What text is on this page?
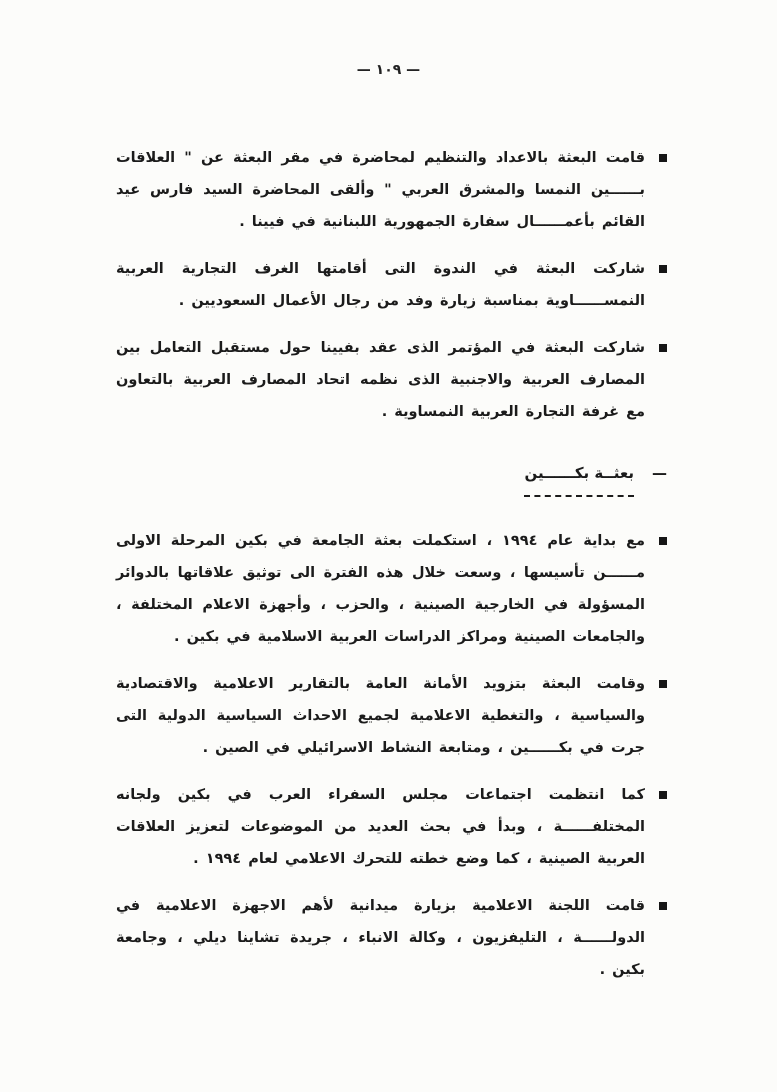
— ١٠٩ —

قامت البعثة بالاعداد والتنظيم لمحاضرة في مقر البعثة عن " العلاقات بــــــين النمسا والمشرق العربي " وألقى المحاضرة السيد فارس عيد القائم بأعمــــــال سفارة الجمهورية اللبنانية في فيينا .

شاركت البعثة في الندوة التى أقامتها الغرف التجارية العربية النمســــــاوية بمناسبة زيارة وفد من رجال الأعمال السعوديين .

شاركت البعثة في المؤتمر الذى عقد بفيينا حول مستقبل التعامل بين المصارف العربية والاجنبية الذى نظمه اتحاد المصارف العربية بالتعاون مع غرفة التجارة العربية النمساوية .

—
بعثــة بكــــــين

مع بداية عام ١٩٩٤ ، استكملت بعثة الجامعة في بكين المرحلة الاولى مــــــن تأسيسها ، وسعت خلال هذه الفترة الى توثيق علاقاتها بالدوائر المسؤولة في الخارجية الصينية ، والحزب ، وأجهزة الاعلام المختلفة ، والجامعات الصينية ومراكز الدراسات العربية الاسلامية في بكين .

وقامت البعثة بتزويد الأمانة العامة بالتقارير الاعلامية والاقتصادية والسياسية ، والتغطية الاعلامية لجميع الاحداث السياسية الدولية التى جرت في بكــــــين ، ومتابعة النشاط الاسرائيلي في الصين .

كما انتظمت اجتماعات مجلس السفراء العرب في بكين ولجانه المختلفــــــة ، وبدأ في بحث العديد من الموضوعات لتعزيز العلاقات العربية الصينية ، كما وضع خطته للتحرك الاعلامي لعام ١٩٩٤ .

قامت اللجنة الاعلامية بزيارة ميدانية لأهم الاجهزة الاعلامية في الدولــــــة ، التليفزيون ، وكالة الانباء ، جريدة تشاينا ديلي ، وجامعة بكين .
